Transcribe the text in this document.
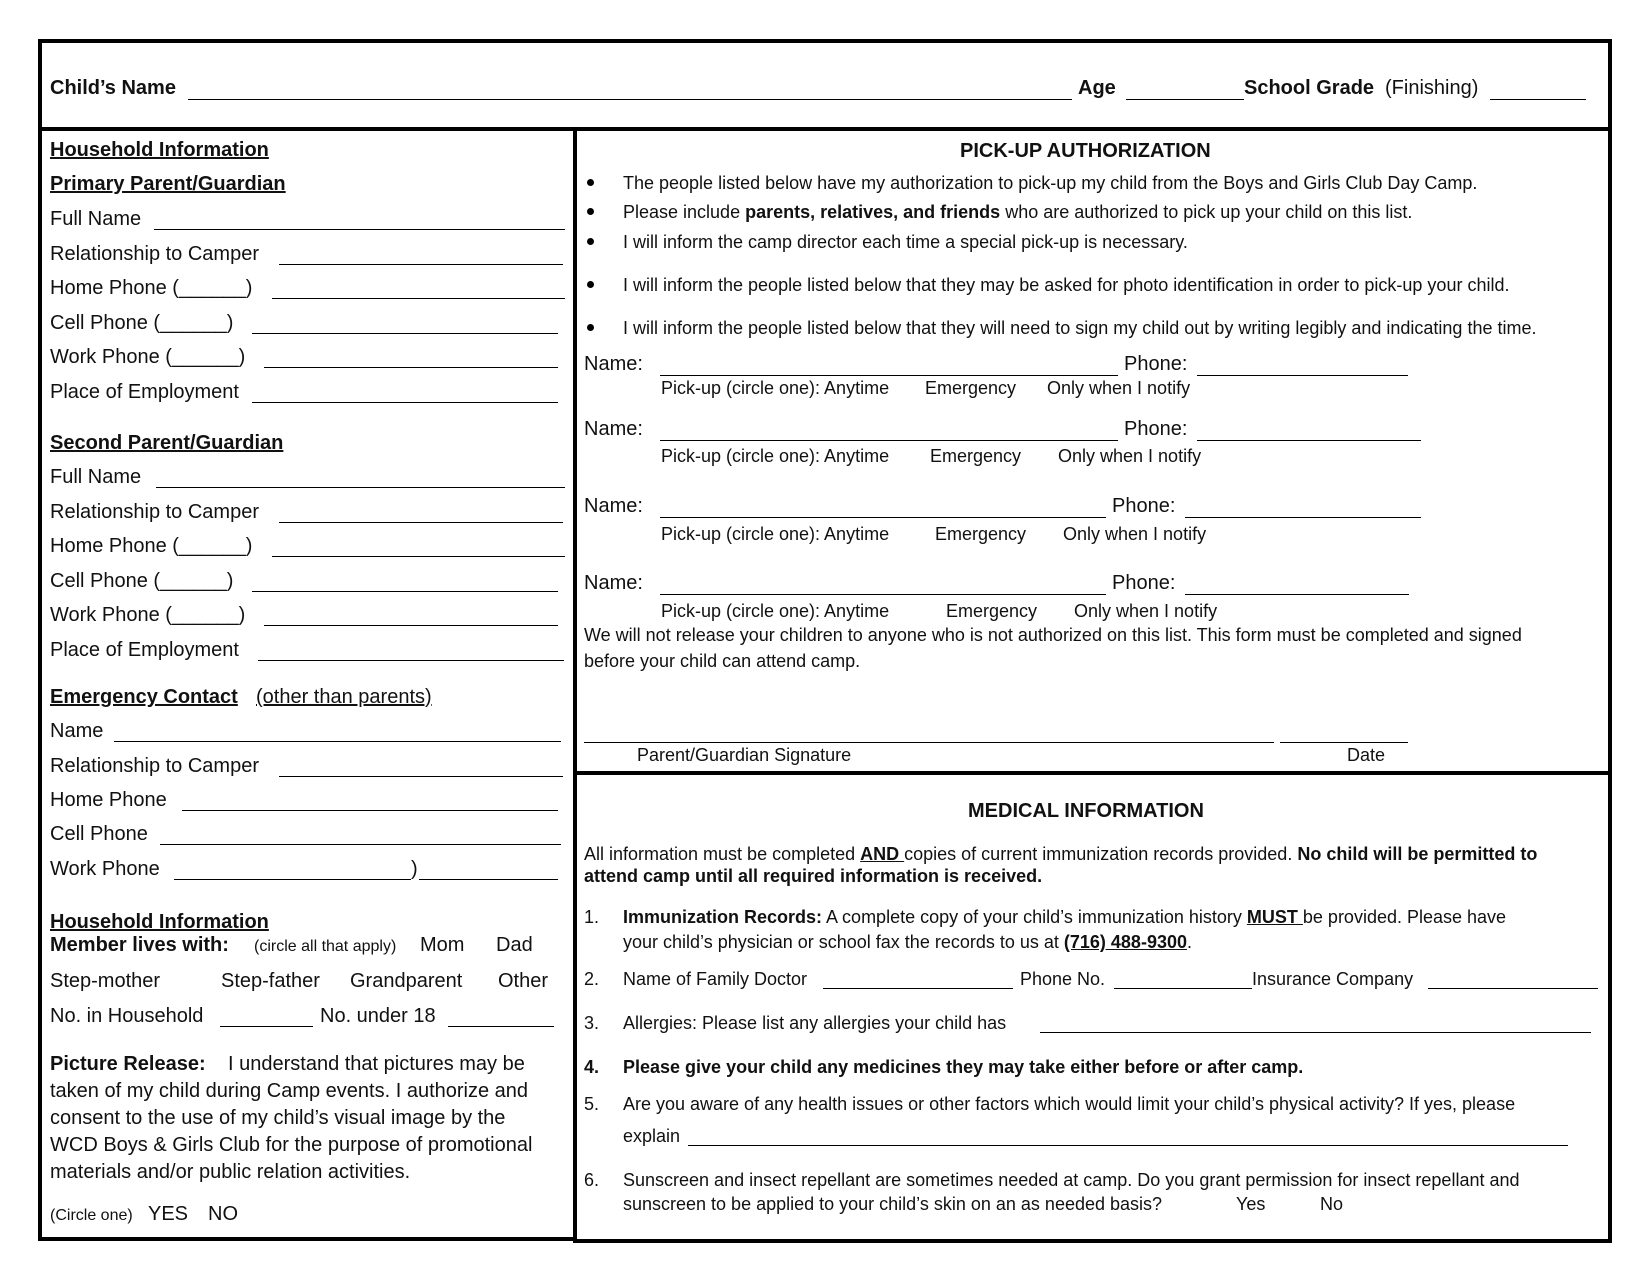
Child’s Name	Age	School Grade (Finishing)
Household Information
Primary Parent/Guardian
Full Name
Relationship to Camper
Home Phone (______)
Cell Phone (______)
Work Phone (______)
Place of Employment
Second Parent/Guardian
Full Name
Relationship to Camper
Home Phone (______)
Cell Phone (______)
Work Phone (______)
Place of Employment
Emergency Contact (other than parents)
Name
Relationship to Camper
Home Phone
Cell Phone
Work Phone	)
Household Information
Member lives with: (circle all that apply) Mom Dad
Step-mother	Step-father Grandparent Other
No. in Household	No. under 18
Picture Release: I understand that pictures may be
taken of my child during Camp events. I authorize and
consent to the use of my child’s visual image by the
WCD Boys & Girls Club for the purpose of promotional
materials and/or public relation activities.
(Circle one) YES NO
PICK-UP AUTHORIZATION
The people listed below have my authorization to pick-up my child from the Boys and Girls Club Day Camp.
Please include parents, relatives, and friends who are authorized to pick up your child on this list.
I will inform the camp director each time a special pick-up is necessary.
I will inform the people listed below that they may be asked for photo identification in order to pick-up your child.
I will inform the people listed below that they will need to sign my child out by writing legibly and indicating the time.
Name:	Phone:
Pick-up (circle one): Anytime Emergency Only when I notify
Name:	Phone:
Pick-up (circle one): Anytime Emergency Only when I notify
Name:	Phone:
Pick-up (circle one): Anytime	Emergency Only when I notify
Name:	Phone:
Pick-up (circle one): Anytime	Emergency Only when I notify
We will not release your children to anyone who is not authorized on this list. This form must be completed and signed
before your child can attend camp.
Parent/Guardian Signature	Date
MEDICAL INFORMATION
All information must be completed AND copies of current immunization records provided. No child will be permitted to
attend camp until all required information is received.
1. Immunization Records: A complete copy of your child’s immunization history MUST be provided. Please have
your child’s physician or school fax the records to us at (716) 488-9300.
2. Name of Family Doctor	Phone No.	Insurance Company
3. Allergies: Please list any allergies your child has
4. Please give your child any medicines they may take either before or after camp.
5. Are you aware of any health issues or other factors which would limit your child’s physical activity? If yes, please
explain
6. Sunscreen and insect repellant are sometimes needed at camp. Do you grant permission for insect repellant and
sunscreen to be applied to your child’s skin on an as needed basis?	Yes	No
